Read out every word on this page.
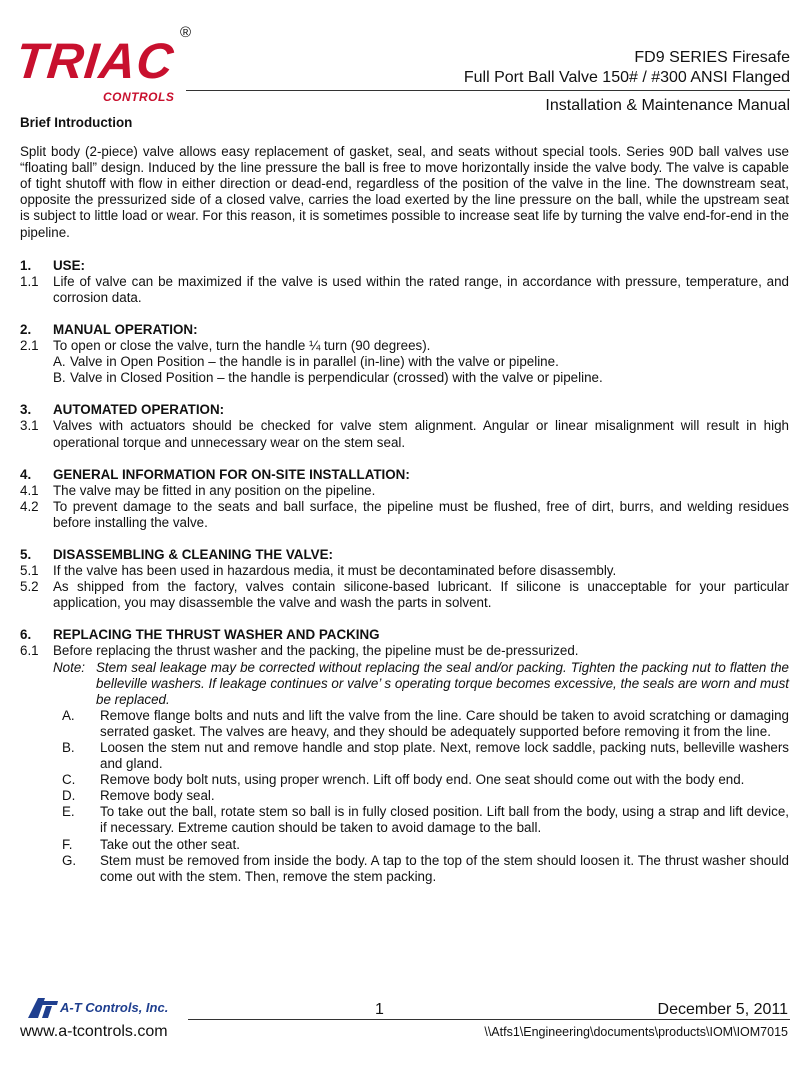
TRIAC
CONTROLS
®
FD9 SERIES Firesafe
Full Port Ball Valve 150# / #300 ANSI Flanged
Installation & Maintenance Manual

Brief Introduction

Split body (2-piece) valve allows easy replacement of gasket, seal, and seats without special tools. Series 90D ball valves use “floating ball” design. Induced by the line pressure the ball is free to move horizontally inside the valve body. The valve is capable of tight shutoff with flow in either direction or dead-end, regardless of the position of the valve in the line. The downstream seat, opposite the pressurized side of a closed valve, carries the load exerted by the line pressure on the ball, while the upstream seat is subject to little load or wear. For this reason, it is sometimes possible to increase seat life by turning the valve end-for-end in the pipeline.

1.	USE:
1.1	Life of valve can be maximized if the valve is used within the rated range, in accordance with pressure, temperature, and corrosion data.
2.	MANUAL OPERATION:
2.1	To open or close the valve, turn the handle ¼ turn (90 degrees).
A. Valve in Open Position – the handle is in parallel (in-line) with the valve or pipeline.
B. Valve in Closed Position – the handle is perpendicular (crossed) with the valve or pipeline.
3.	AUTOMATED OPERATION:
3.1	Valves with actuators should be checked for valve stem alignment. Angular or linear misalignment will result in high operational torque and unnecessary wear on the stem seal.
4.	GENERAL INFORMATION FOR ON-SITE INSTALLATION:
4.1	The valve may be fitted in any position on the pipeline.
4.2	To prevent damage to the seats and ball surface, the pipeline must be flushed, free of dirt, burrs, and welding residues before installing the valve.
5.	DISASSEMBLING & CLEANING THE VALVE:
5.1	If the valve has been used in hazardous media, it must be decontaminated before disassembly.
5.2	As shipped from the factory, valves contain silicone-based lubricant. If silicone is unacceptable for your particular application, you may disassemble the valve and wash the parts in solvent.
6.	REPLACING THE THRUST WASHER AND PACKING
6.1	Before replacing the thrust washer and the packing, the pipeline must be de-pressurized.
Note: Stem seal leakage may be corrected without replacing the seal and/or packing. Tighten the packing nut to flatten the belleville washers. If leakage continues or valve’ s operating torque becomes excessive, the seals are worn and must be replaced.
A.	Remove flange bolts and nuts and lift the valve from the line. Care should be taken to avoid scratching or damaging serrated gasket. The valves are heavy, and they should be adequately supported before removing it from the line.
B.	Loosen the stem nut and remove handle and stop plate. Next, remove lock saddle, packing nuts, belleville washers and gland.
C.	Remove body bolt nuts, using proper wrench. Lift off body end. One seat should come out with the body end.
D.	Remove body seal.
E.	To take out the ball, rotate stem so ball is in fully closed position. Lift ball from the body, using a strap and lift device, if necessary. Extreme caution should be taken to avoid damage to the ball.
F.	Take out the other seat.
G.	Stem must be removed from inside the body. A tap to the top of the stem should loosen it. The thrust washer should come out with the stem. Then, remove the stem packing.
A-T Controls, Inc.	1	December 5, 2011
www.a-tcontrols.com	\\Atfs1\Engineering\documents\products\IOM\IOM7015
